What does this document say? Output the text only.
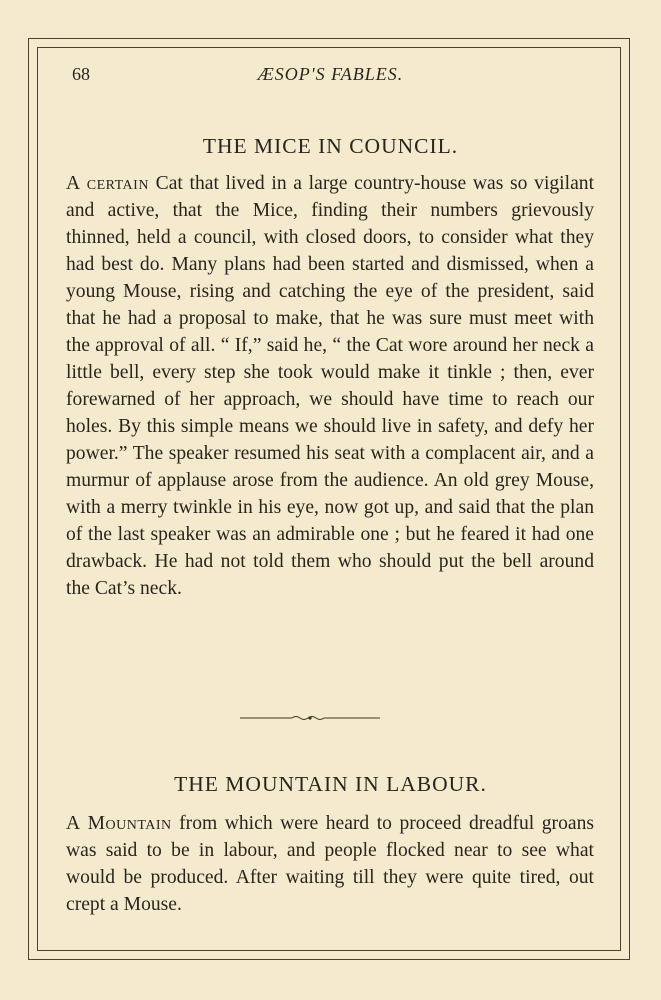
68	ÆSOP'S FABLES.
THE MICE IN COUNCIL.

A certain Cat that lived in a large country-house was so vigilant and active, that the Mice, finding their numbers grievously thinned, held a council, with closed doors, to consider what they had best do. Many plans had been started and dismissed, when a young Mouse, rising and catching the eye of the president, said that he had a proposal to make, that he was sure must meet with the approval of all. “ If,” said he, “ the Cat wore around her neck a little bell, every step she took would make it tinkle ; then, ever forewarned of her approach, we should have time to reach our holes. By this simple means we should live in safety, and defy her power.” The speaker resumed his seat with a complacent air, and a murmur of applause arose from the audience. An old grey Mouse, with a merry twinkle in his eye, now got up, and said that the plan of the last speaker was an admirable one ; but he feared it had one drawback. He had not told them who should put the bell around the Cat’s neck.

THE MOUNTAIN IN LABOUR.

A Mountain from which were heard to proceed dreadful groans was said to be in labour, and people flocked near to see what would be produced. After waiting till they were quite tired, out crept a Mouse.
